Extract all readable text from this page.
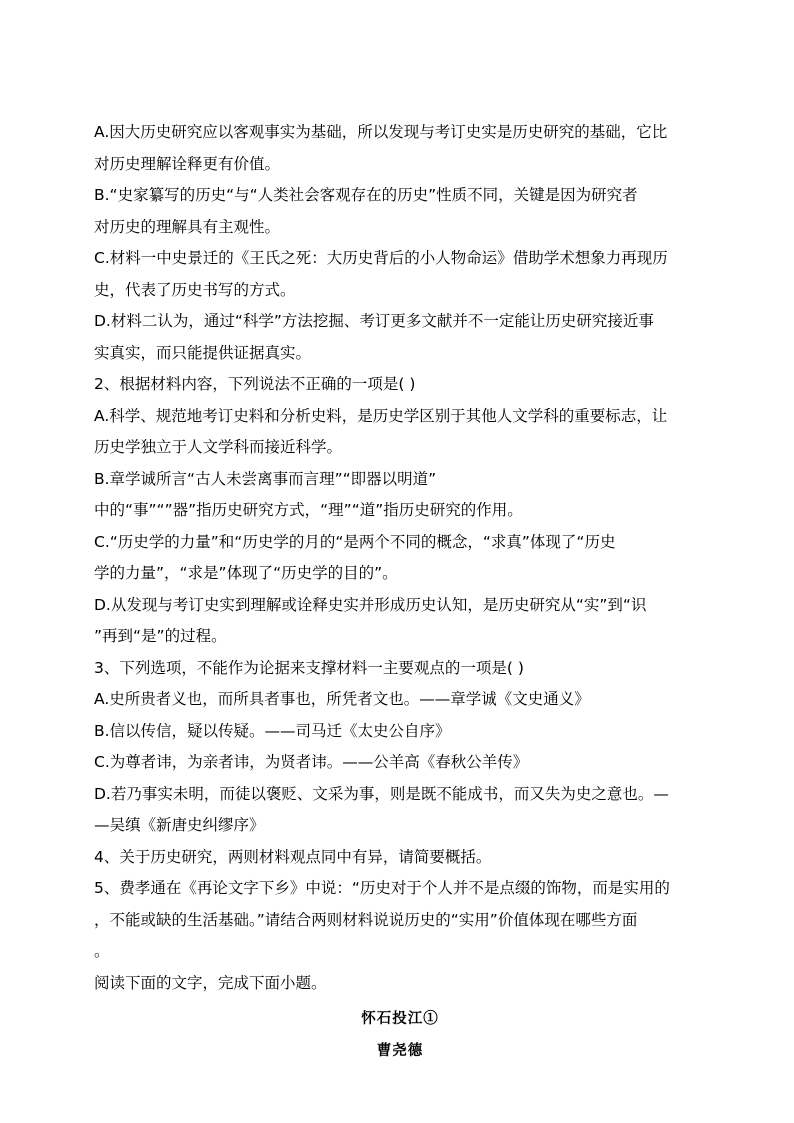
A.因大历史研究应以客观事实为基础，所以发现与考订史实是历史研究的基础，它比
对历史理解诠释更有价值。
B.“史家纂写的历史“与“人类社会客观存在的历史”性质不同，关键是因为研究者
对历史的理解具有主观性。
C.材料一中史景迁的《王氏之死：大历史背后的小人物命运》借助学术想象力再现历
史，代表了历史书写的方式。
D.材料二认为，通过“科学”方法挖掘、考订更多文献并不一定能让历史研究接近事
实真实，而只能提供证据真实。
2、根据材料内容，下列说法不正确的一项是( )
A.科学、规范地考订史料和分析史料，是历史学区别于其他人文学科的重要标志，让
历史学独立于人文学科而接近科学。
B.章学诚所言“古人未尝离事而言理”“即器以明道”
中的“事”“”器”指历史研究方式，“理”“道”指历史研究的作用。
C.“历史学的力量”和“历史学的月的“是两个不同的概念，“求真”体现了“历史
学的力量”，“求是”体现了“历史学的目的”。
D.从发现与考订史实到理解或诠释史实并形成历史认知，是历史研究从“实”到“识
”再到“是”的过程。
3、下列选项，不能作为论据来支撑材料一主要观点的一项是( )
A.史所贵者义也，而所具者事也，所凭者文也。——章学诚《文史通义》
B.信以传信，疑以传疑。——司马迁《太史公自序》
C.为尊者讳，为亲者讳，为贤者讳。——公羊高《春秋公羊传》
D.若乃事实未明，而徒以褒贬、文采为事，则是既不能成书，而又失为史之意也。—
—吴缜《新唐史纠缪序》
4、关于历史研究，两则材料观点同中有异，请简要概括。
5、费孝通在《再论文字下乡》中说：“历史对于个人并不是点缀的饰物，而是实用的
，不能或缺的生活基础。”请结合两则材料说说历史的“实用”价值体现在哪些方面
。
阅读下面的文字，完成下面小题。
怀石投江①
曹尧德
